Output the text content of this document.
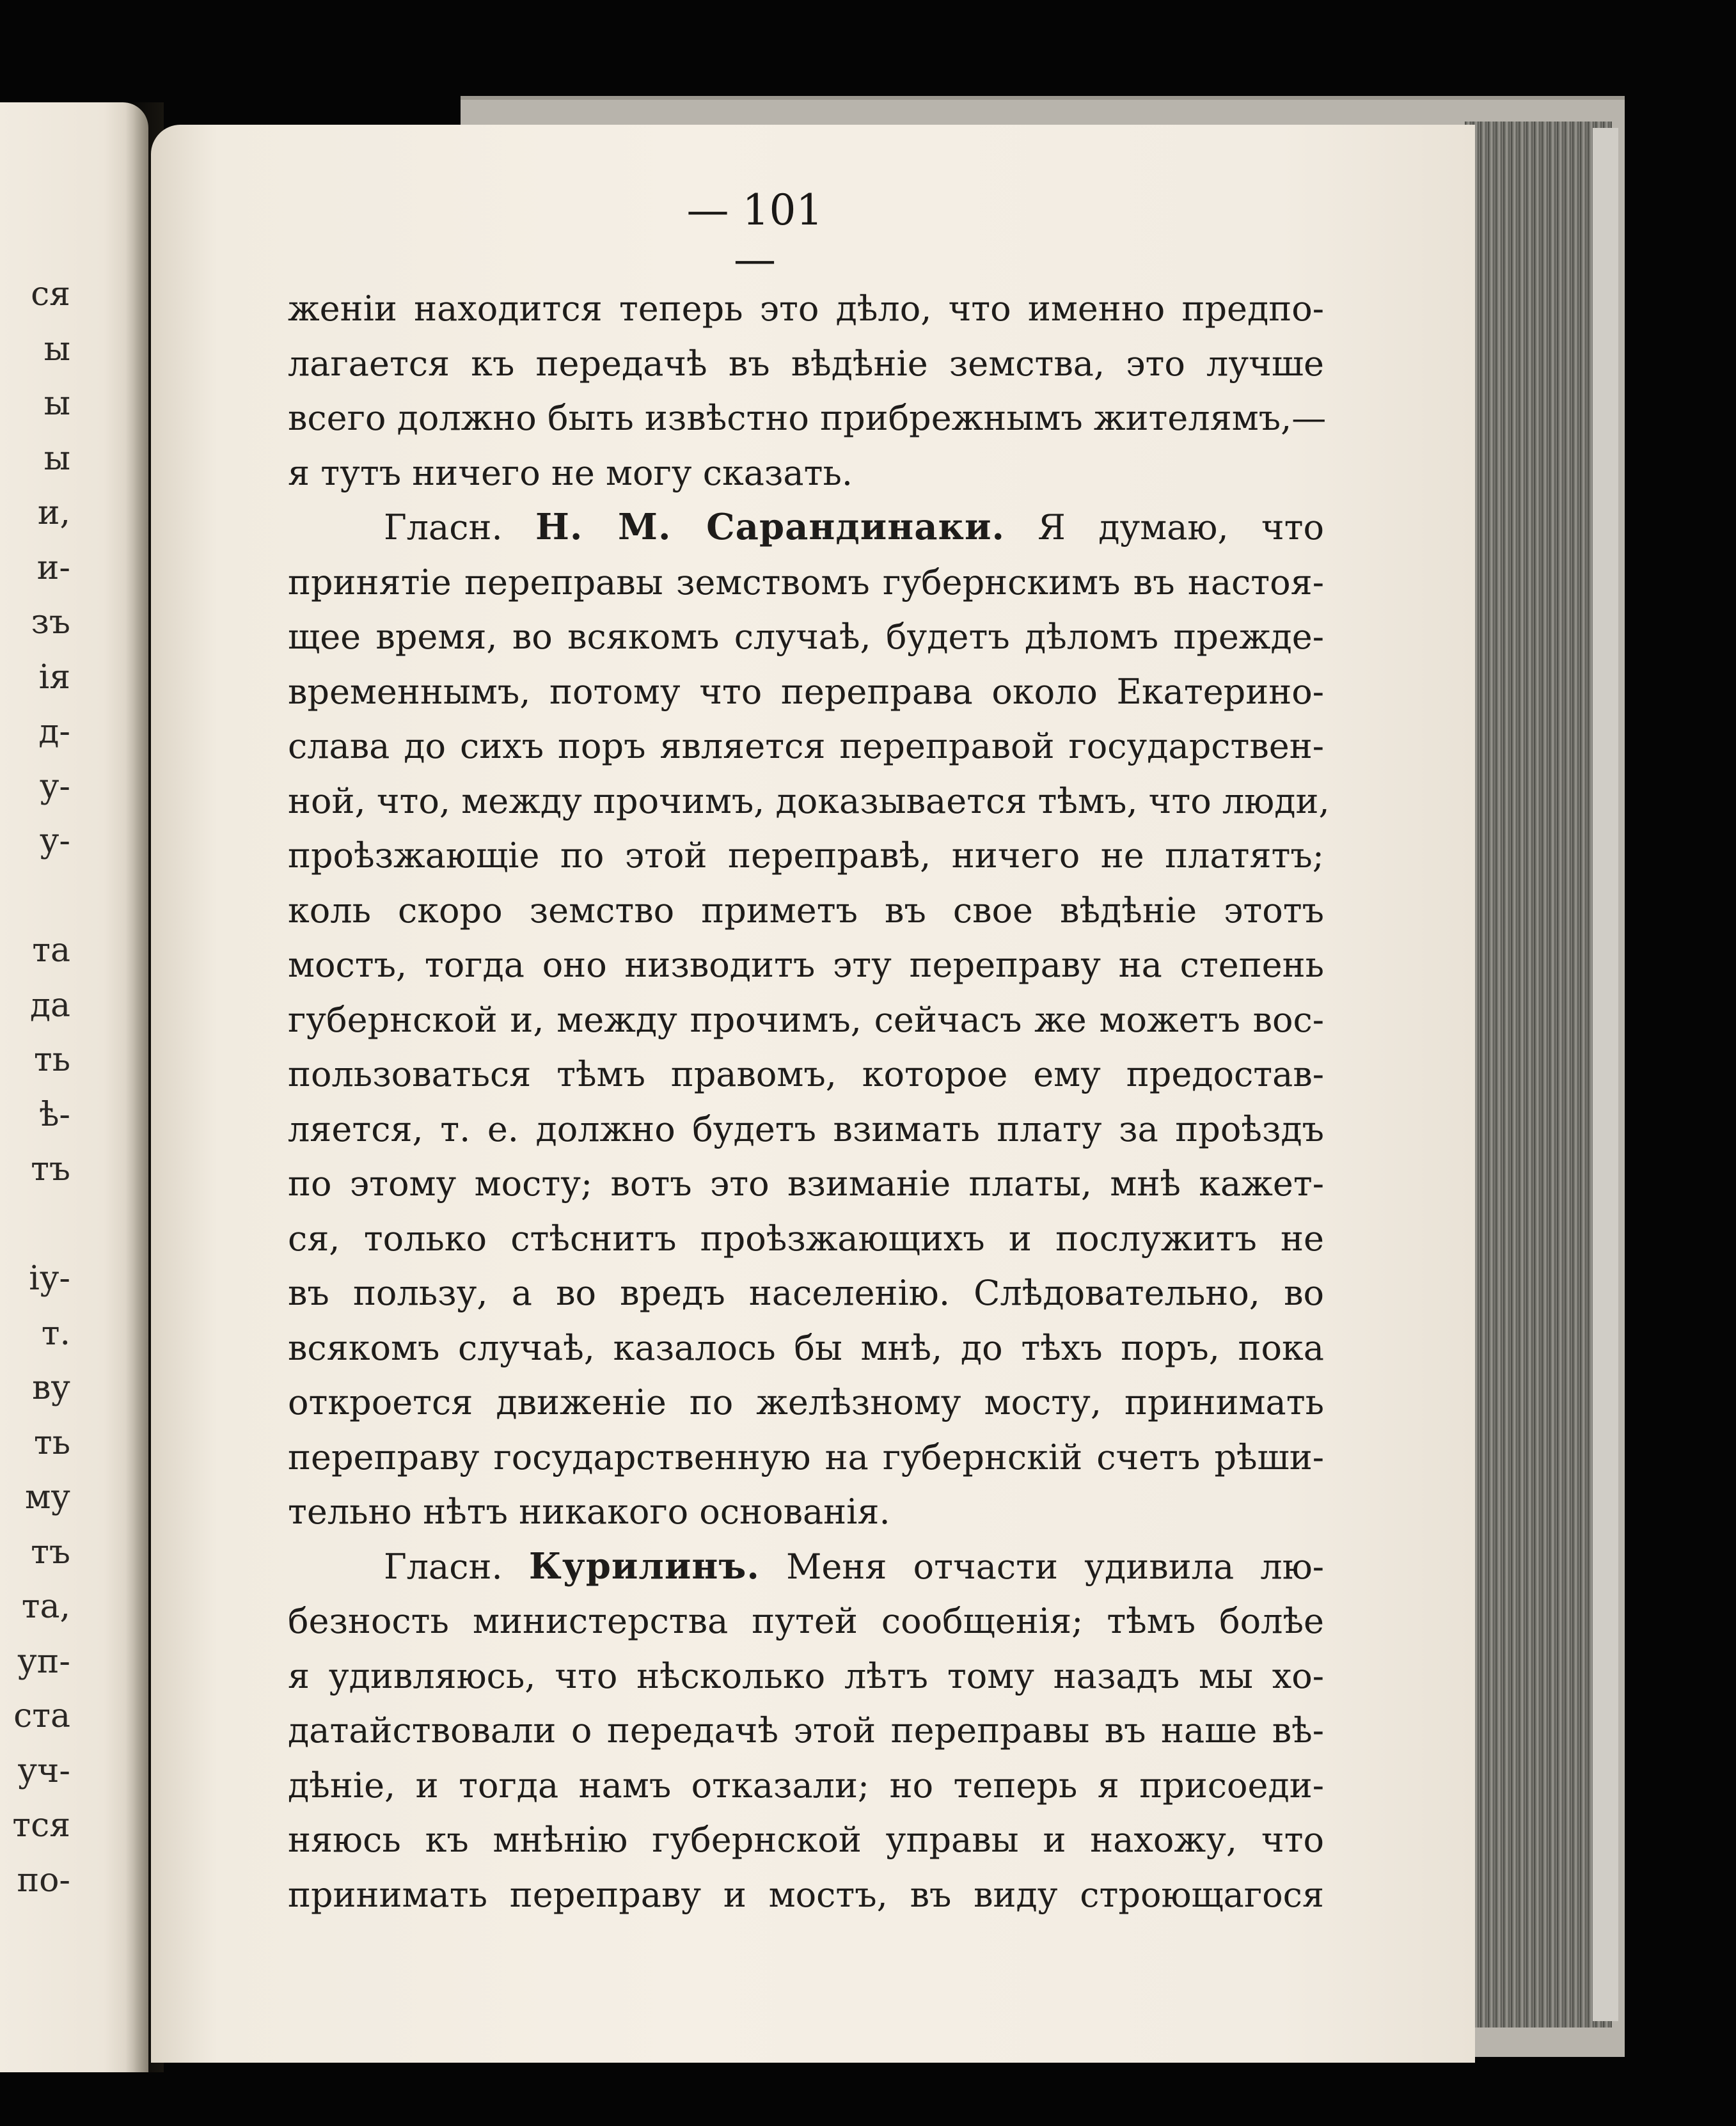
ся
ы
ы
ы
и,
и-
зъ
ія
д-
у-
у-
та
да
ть
ѣ-
тъ
іу-
т.
ву
ть
му
тъ
та,
уп-
ста
уч-
тся
по-
— 101 —
женіи находится теперь это дѣло, что именно предпо-
лагается къ передачѣ въ вѣдѣніе земства, это лучше
всего должно быть извѣстно прибрежнымъ жителямъ,—
я тутъ ничего не могу сказать.
Гласн. Н. М. Сарандинаки. Я думаю, что
принятіе переправы земствомъ губернскимъ въ настоя-
щее время, во всякомъ случаѣ, будетъ дѣломъ прежде-
временнымъ, потому что переправа около Екатерино-
слава до сихъ поръ является переправой государствен-
ной, что, между прочимъ, доказывается тѣмъ, что люди,
проѣзжающіе по этой переправѣ, ничего не платятъ;
коль скоро земство приметъ въ свое вѣдѣніе этотъ
мостъ, тогда оно низводитъ эту переправу на степень
губернской и, между прочимъ, сейчасъ же можетъ вос-
пользоваться тѣмъ правомъ, которое ему предостав-
ляется, т. е. должно будетъ взимать плату за проѣздъ
по этому мосту; вотъ это взиманіе платы, мнѣ кажет-
ся, только стѣснитъ проѣзжающихъ и послужитъ не
въ пользу, а во вредъ населенію. Слѣдовательно, во
всякомъ случаѣ, казалось бы мнѣ, до тѣхъ поръ, пока
откроется движеніе по желѣзному мосту, принимать
переправу государственную на губернскій счетъ рѣши-
тельно нѣтъ никакого основанія.
Гласн. Курилинъ. Меня отчасти удивила лю-
безность министерства путей сообщенія; тѣмъ болѣе
я удивляюсь, что нѣсколько лѣтъ тому назадъ мы хо-
датайствовали о передачѣ этой переправы въ наше вѣ-
дѣніе, и тогда намъ отказали; но теперь я присоеди-
няюсь къ мнѣнію губернской управы и нахожу, что
принимать переправу и мостъ, въ виду строющагося
